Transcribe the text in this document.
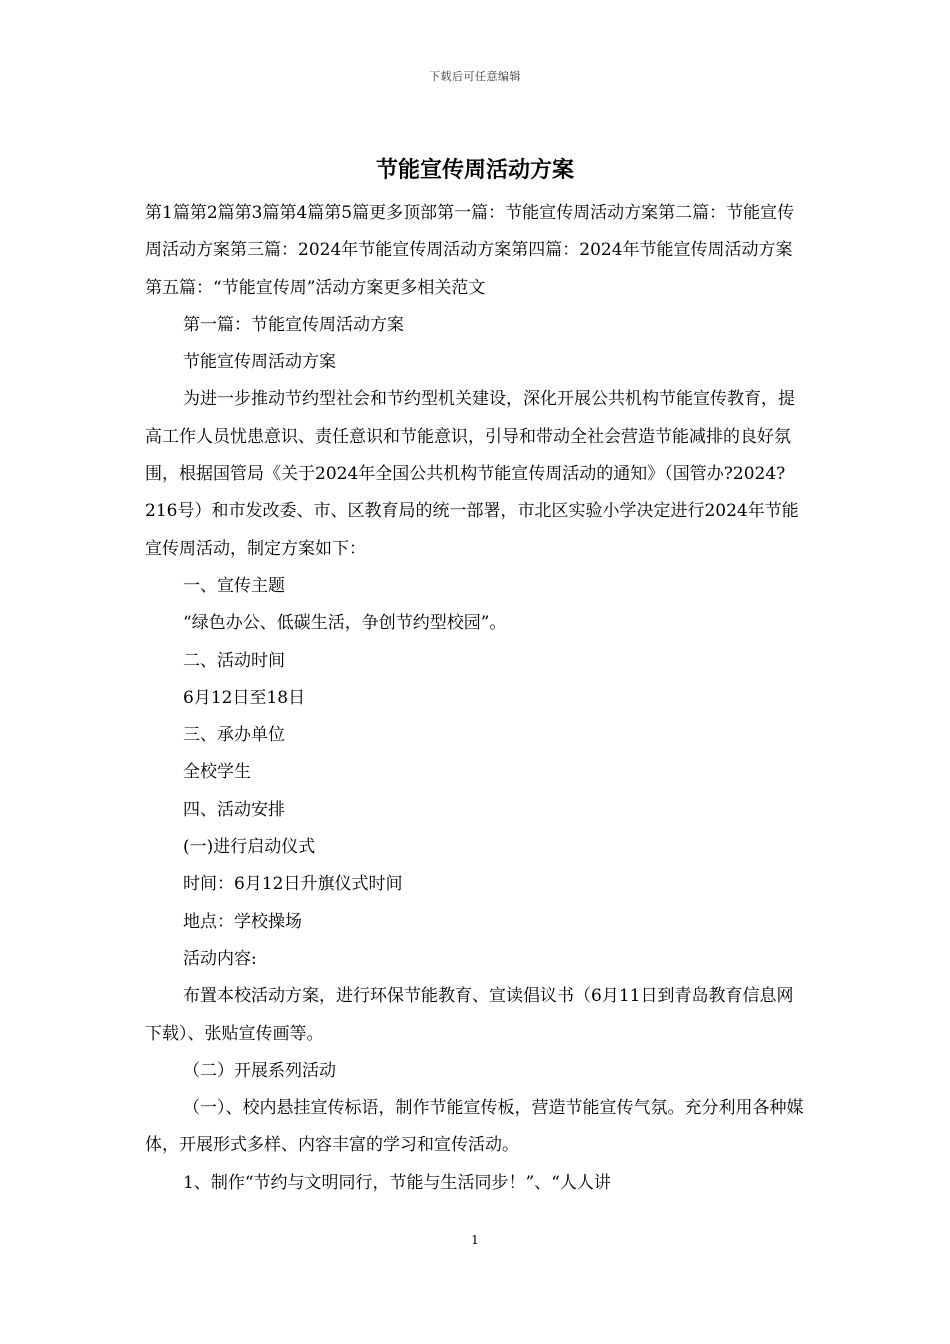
下载后可任意编辑
节能宣传周活动方案

第1篇第2篇第3篇第4篇第5篇更多顶部第一篇：节能宣传周活动方案第二篇：节能宣传周活动方案第三篇：2024年节能宣传周活动方案第四篇：2024年节能宣传周活动方案第五篇：“节能宣传周”活动方案更多相关范文

第一篇：节能宣传周活动方案

节能宣传周活动方案

为进一步推动节约型社会和节约型机关建设，深化开展公共机构节能宣传教育，提高工作人员忧患意识、责任意识和节能意识，引导和带动全社会营造节能减排的良好氛围，根据国管局《关于2024年全国公共机构节能宣传周活动的通知》（国管办?2024?216号）和市发改委、市、区教育局的统一部署，市北区实验小学决定进行2024年节能宣传周活动，制定方案如下：

一、宣传主题

“绿色办公、低碳生活，争创节约型校园”。

二、活动时间

6月12日至18日

三、承办单位

全校学生

四、活动安排

(一)进行启动仪式

时间：6月12日升旗仪式时间

地点：学校操场

活动内容:

布置本校活动方案，进行环保节能教育、宣读倡议书（6月11日到青岛教育信息网下载）、张贴宣传画等。

（二）开展系列活动

（一）、校内悬挂宣传标语，制作节能宣传板，营造节能宣传气氛。充分利用各种媒体，开展形式多样、内容丰富的学习和宣传活动。

1、制作“节约与文明同行，节能与生活同步！”、“人人讲

1
